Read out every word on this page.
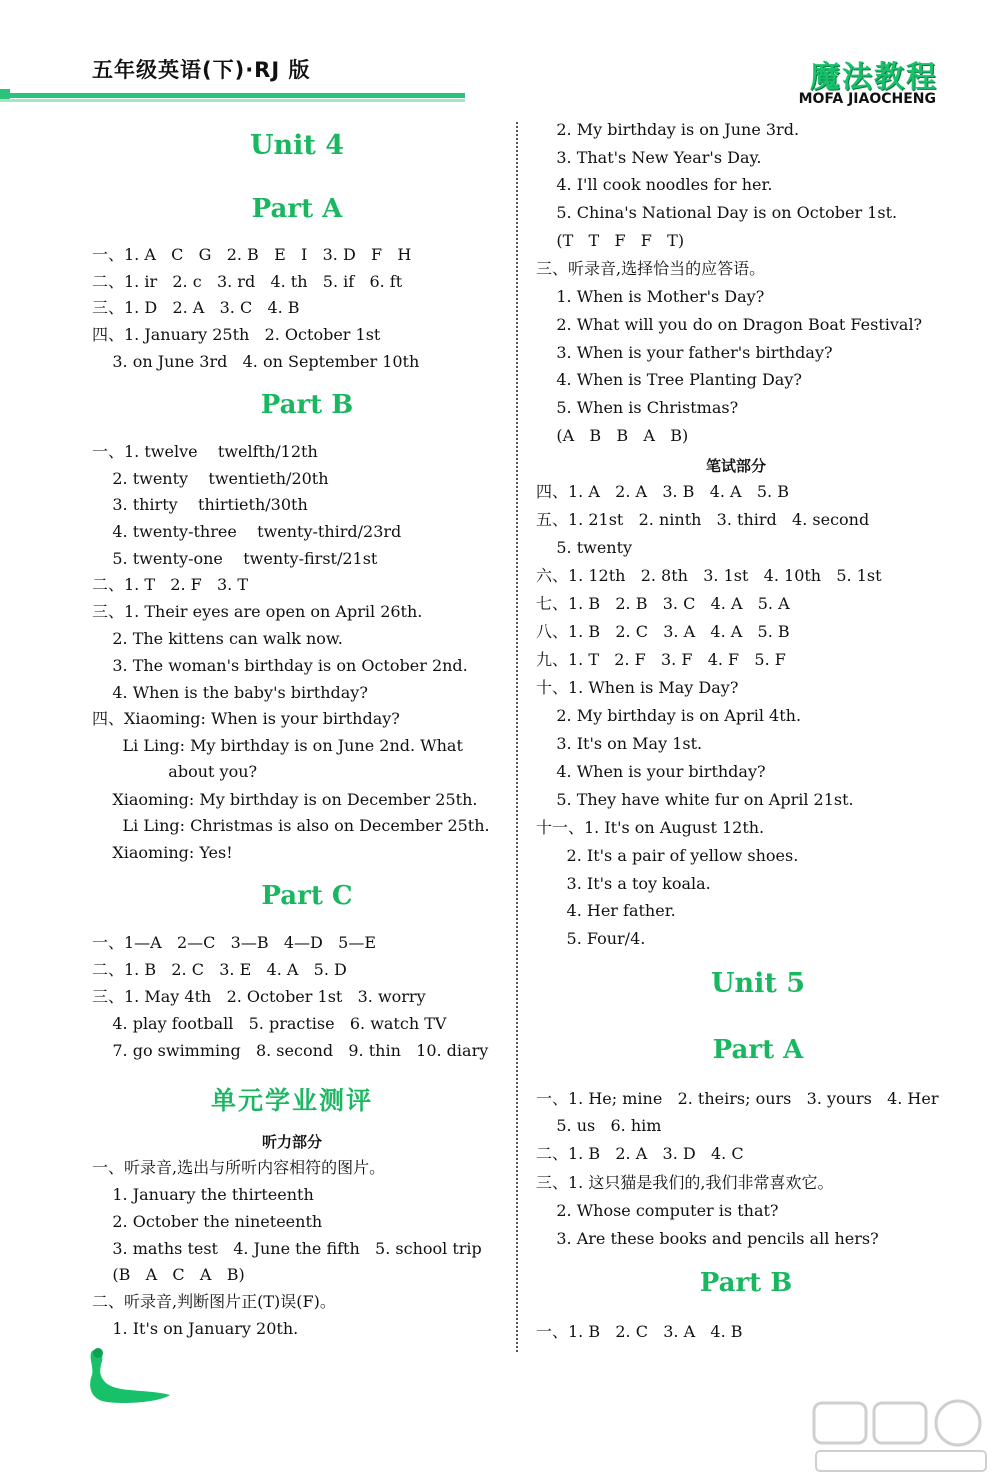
五年级英语(下)·RJ 版	魔法教程
MOFA JIAOCHENG
Unit 4
Part A
一、1. A   C   G   2. B   E   I   3. D   F   H
二、1. ir   2. c   3. rd   4. th   5. if   6. ft
三、1. D   2. A   3. C   4. B
四、1. January 25th   2. October 1st
3. on June 3rd   4. on September 10th
Part B
一、1. twelve    twelfth/12th
2. twenty    twentieth/20th
3. thirty    thirtieth/30th
4. twenty-three    twenty-third/23rd
5. twenty-one    twenty-first/21st
二、1. T   2. F   3. T
三、1. Their eyes are open on April 26th.
2. The kittens can walk now.
3. The woman's birthday is on October 2nd.
4. When is the baby's birthday?
四、Xiaoming: When is your birthday?
Li Ling: My birthday is on June 2nd. What
about you?
Xiaoming: My birthday is on December 25th.
Li Ling: Christmas is also on December 25th.
Xiaoming: Yes!
Part C
一、1—A   2—C   3—B   4—D   5—E
二、1. B   2. C   3. E   4. A   5. D
三、1. May 4th   2. October 1st   3. worry
4. play football   5. practise   6. watch TV
7. go swimming   8. second   9. thin   10. diary
单元学业测评
听力部分
一、听录音,选出与所听内容相符的图片。
1. January the thirteenth
2. October the nineteenth
3. maths test   4. June the fifth   5. school trip
(B   A   C   A   B)
二、听录音,判断图片正(T)误(F)。
1. It's on January 20th.
2. My birthday is on June 3rd.
3. That's New Year's Day.
4. I'll cook noodles for her.
5. China's National Day is on October 1st.
(T   T   F   F   T)
三、听录音,选择恰当的应答语。
1. When is Mother's Day?
2. What will you do on Dragon Boat Festival?
3. When is your father's birthday?
4. When is Tree Planting Day?
5. When is Christmas?
(A   B   B   A   B)
笔试部分
四、1. A   2. A   3. B   4. A   5. B
五、1. 21st   2. ninth   3. third   4. second
5. twenty
六、1. 12th   2. 8th   3. 1st   4. 10th   5. 1st
七、1. B   2. B   3. C   4. A   5. A
八、1. B   2. C   3. A   4. A   5. B
九、1. T   2. F   3. F   4. F   5. F
十、1. When is May Day?
2. My birthday is on April 4th.
3. It's on May 1st.
4. When is your birthday?
5. They have white fur on April 21st.
十一、1. It's on August 12th.
2. It's a pair of yellow shoes.
3. It's a toy koala.
4. Her father.
5. Four/4.
Unit 5
Part A
一、1. He; mine   2. theirs; ours   3. yours   4. Her
5. us   6. him
二、1. B   2. A   3. D   4. C
三、1. 这只猫是我们的,我们非常喜欢它。
2. Whose computer is that?
3. Are these books and pencils all hers?
Part B
一、1. B   2. C   3. A   4. B
216
